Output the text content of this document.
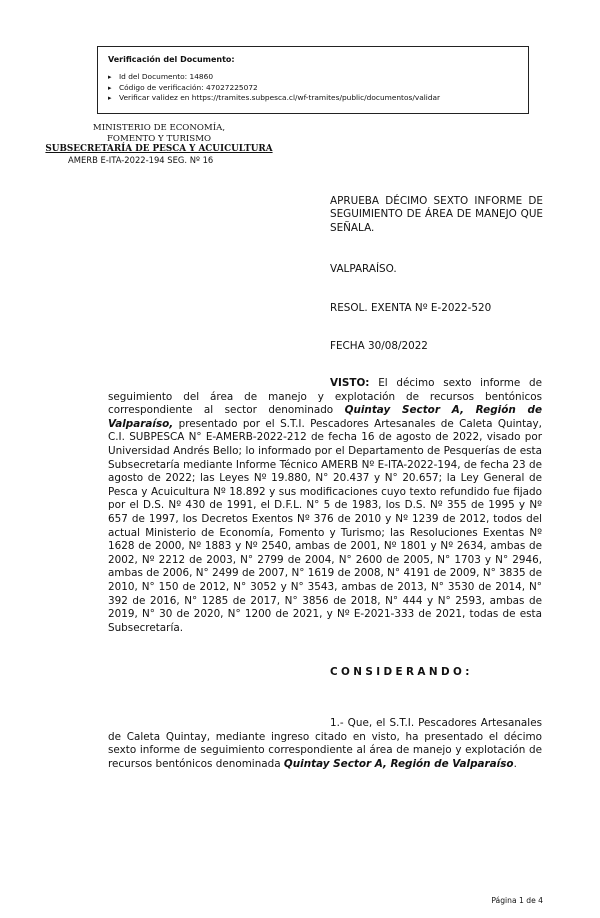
Verificación del Documento:

▸ Id del Documento: 14860
▸ Código de verificación: 47027225072
▸ Verificar validez en https://tramites.subpesca.cl/wf-tramites/public/documentos/validar
MINISTERIO DE ECONOMÍA,
FOMENTO Y TURISMO
SUBSECRETARÍA DE PESCA Y ACUICULTURA
AMERB E-ITA-2022-194 SEG. Nº 16
APRUEBA DÉCIMO SEXTO INFORME DE SEGUIMIENTO DE ÁREA DE MANEJO QUE SEÑALA.
VALPARAÍSO.
RESOL. EXENTA Nº E-2022-520
FECHA 30/08/2022
VISTO: El décimo sexto informe de seguimiento del área de manejo y explotación de recursos bentónicos correspondiente al sector denominado Quintay Sector A, Región de Valparaíso, presentado por el S.T.I. Pescadores Artesanales de Caleta Quintay, C.I. SUBPESCA N° E-AMERB-2022-212 de fecha 16 de agosto de 2022, visado por Universidad Andrés Bello; lo informado por el Departamento de Pesquerías de esta Subsecretaría mediante Informe Técnico AMERB Nº E-ITA-2022-194, de fecha 23 de agosto de 2022; las Leyes Nº 19.880, N° 20.437 y N° 20.657; la Ley General de Pesca y Acuicultura Nº 18.892 y sus modificaciones cuyo texto refundido fue fijado por el D.S. Nº 430 de 1991, el D.F.L. N° 5 de 1983, los D.S. Nº 355 de 1995 y Nº 657 de 1997, los Decretos Exentos Nº 376 de 2010 y Nº 1239 de 2012, todos del actual Ministerio de Economía, Fomento y Turismo; las Resoluciones Exentas Nº 1628 de 2000, Nº 1883 y Nº 2540, ambas de 2001, Nº 1801 y Nº 2634, ambas de 2002, Nº 2212 de 2003, N° 2799 de 2004, N° 2600 de 2005, N° 1703 y N° 2946, ambas de 2006, N° 2499 de 2007, N° 1619 de 2008, N° 4191 de 2009, N° 3835 de 2010, N° 150 de 2012, N° 3052 y N° 3543, ambas de 2013, N° 3530 de 2014, N° 392 de 2016, N° 1285 de 2017, N° 3856 de 2018, N° 444 y N° 2593, ambas de 2019, N° 30 de 2020, N° 1200 de 2021, y Nº E-2021-333 de 2021, todas de esta Subsecretaría.
CONSIDERANDO:
1.- Que, el S.T.I. Pescadores Artesanales de Caleta Quintay, mediante ingreso citado en visto, ha presentado el décimo sexto informe de seguimiento correspondiente al área de manejo y explotación de recursos bentónicos denominada Quintay Sector A, Región de Valparaíso.
Página 1 de 4
